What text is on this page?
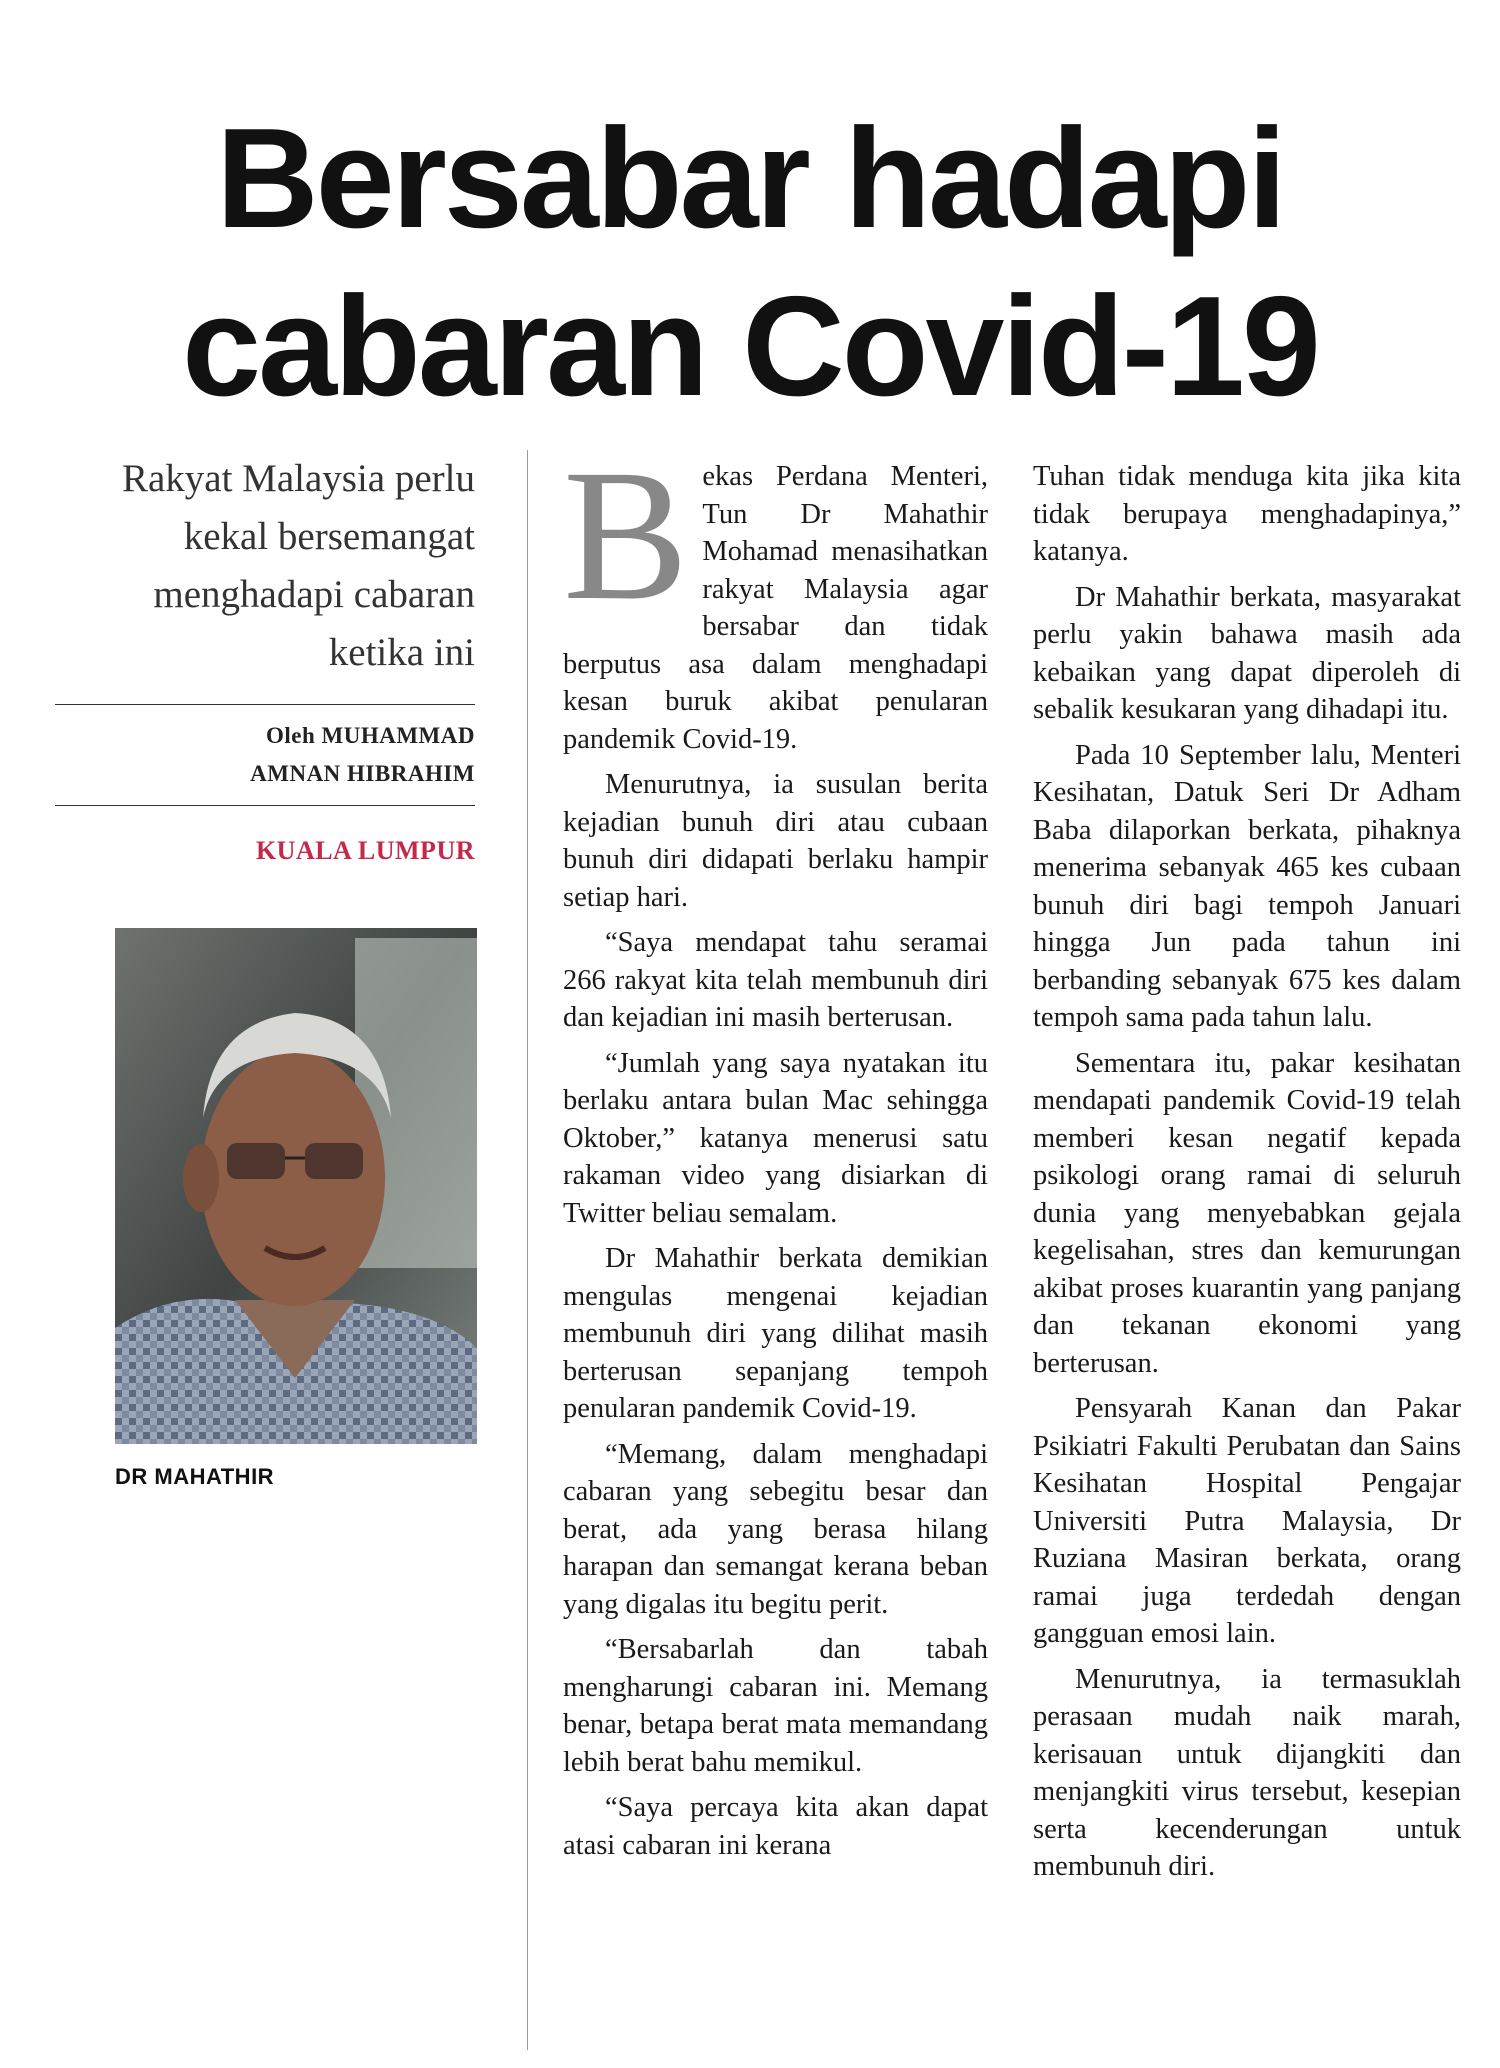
Bersabar hadapi
cabaran Covid-19

Rakyat Malaysia perlu kekal bersemangat menghadapi cabaran ketika ini

Oleh MUHAMMAD
AMNAN HIBRAHIM
KUALA LUMPUR
DR MAHATHIR

Bekas Perdana Menteri, Tun Dr Mahathir Mohamad menasihatkan rakyat Malaysia agar bersabar dan tidak berputus asa dalam menghadapi kesan buruk akibat penularan pandemik Covid-19.

Menurutnya, ia susulan berita kejadian bunuh diri atau cubaan bunuh diri didapati berlaku hampir setiap hari.

“Saya mendapat tahu seramai 266 rakyat kita telah membunuh diri dan kejadian ini masih berterusan.

“Jumlah yang saya nyatakan itu berlaku antara bulan Mac sehingga Oktober,” katanya menerusi satu rakaman video yang disiarkan di Twitter beliau semalam.

Dr Mahathir berkata demikian mengulas mengenai kejadian membunuh diri yang dilihat masih berterusan sepanjang tempoh penularan pandemik Covid-19.

“Memang, dalam menghadapi cabaran yang sebegitu besar dan berat, ada yang berasa hilang harapan dan semangat kerana beban yang digalas itu begitu perit.

“Bersabarlah dan tabah mengharungi cabaran ini. Memang benar, betapa berat mata memandang lebih berat bahu memikul.

“Saya percaya kita akan dapat atasi cabaran ini kerana

Tuhan tidak menduga kita jika kita tidak berupaya menghadapinya,” katanya.

Dr Mahathir berkata, masyarakat perlu yakin bahawa masih ada kebaikan yang dapat diperoleh di sebalik kesukaran yang dihadapi itu.

Pada 10 September lalu, Menteri Kesihatan, Datuk Seri Dr Adham Baba dilaporkan berkata, pihaknya menerima sebanyak 465 kes cubaan bunuh diri bagi tempoh Januari hingga Jun pada tahun ini berbanding sebanyak 675 kes dalam tempoh sama pada tahun lalu.

Sementara itu, pakar kesihatan mendapati pandemik Covid-19 telah memberi kesan negatif kepada psikologi orang ramai di seluruh dunia yang menyebabkan gejala kegelisahan, stres dan kemurungan akibat proses kuarantin yang panjang dan tekanan ekonomi yang berterusan.

Pensyarah Kanan dan Pakar Psikiatri Fakulti Perubatan dan Sains Kesihatan Hospital Pengajar Universiti Putra Malaysia, Dr Ruziana Masiran berkata, orang ramai juga terdedah dengan gangguan emosi lain.

Menurutnya, ia termasuklah perasaan mudah naik marah, kerisauan untuk dijangkiti dan menjangkiti virus tersebut, kesepian serta kecenderungan untuk membunuh diri.
